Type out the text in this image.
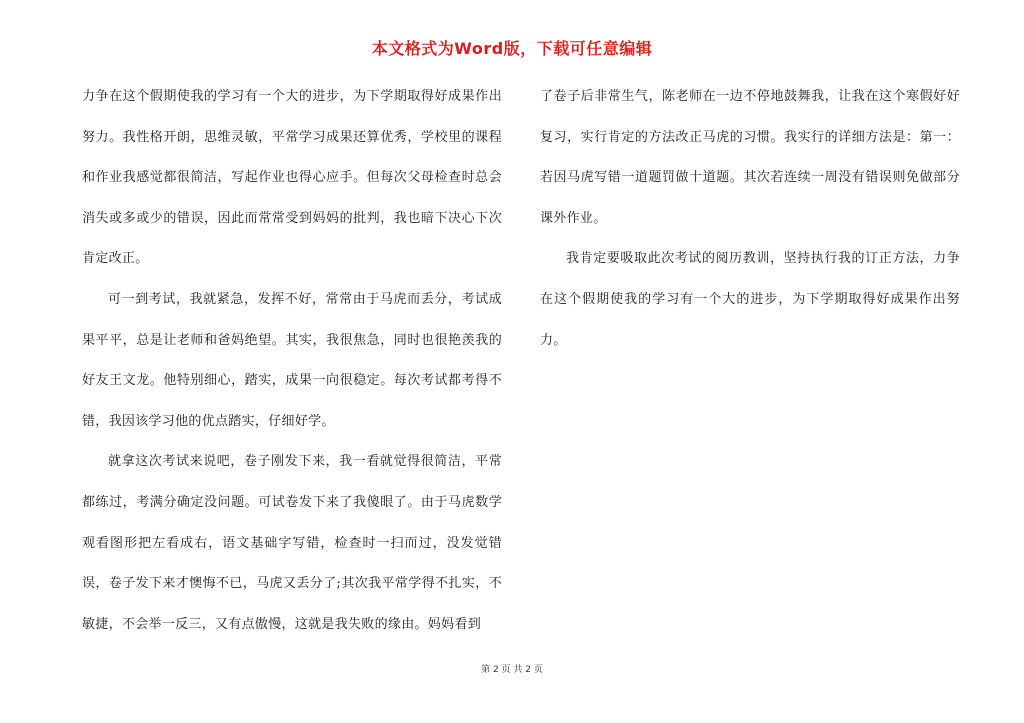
本文格式为Word版，下载可任意编辑

力争在这个假期使我的学习有一个大的进步，为下学期取得好成果作出努力。我性格开朗，思维灵敏，平常学习成果还算优秀，学校里的课程和作业我感觉都很简洁，写起作业也得心应手。但每次父母检查时总会消失或多或少的错误，因此而常常受到妈妈的批判，我也暗下决心下次肯定改正。

可一到考试，我就紧急，发挥不好，常常由于马虎而丢分，考试成果平平，总是让老师和爸妈绝望。其实，我很焦急，同时也很艳羡我的好友王文龙。他特别细心，踏实，成果一向很稳定。每次考试都考得不错，我因该学习他的优点踏实，仔细好学。

就拿这次考试来说吧，卷子刚发下来，我一看就觉得很简洁，平常都练过，考满分确定没问题。可试卷发下来了我傻眼了。由于马虎数学观看图形把左看成右，语文基础字写错，检查时一扫而过，没发觉错误，卷子发下来才懊悔不已，马虎又丢分了;其次我平常学得不扎实，不敏捷，不会举一反三，又有点傲慢，这就是我失败的缘由。妈妈看到

了卷子后非常生气，陈老师在一边不停地鼓舞我，让我在这个寒假好好复习，实行肯定的方法改正马虎的习惯。我实行的详细方法是：第一：若因马虎写错一道题罚做十道题。其次若连续一周没有错误则免做部分课外作业。

我肯定要吸取此次考试的阅历教训，坚持执行我的订正方法，力争在这个假期使我的学习有一个大的进步，为下学期取得好成果作出努力。

第 2 页 共 2 页
